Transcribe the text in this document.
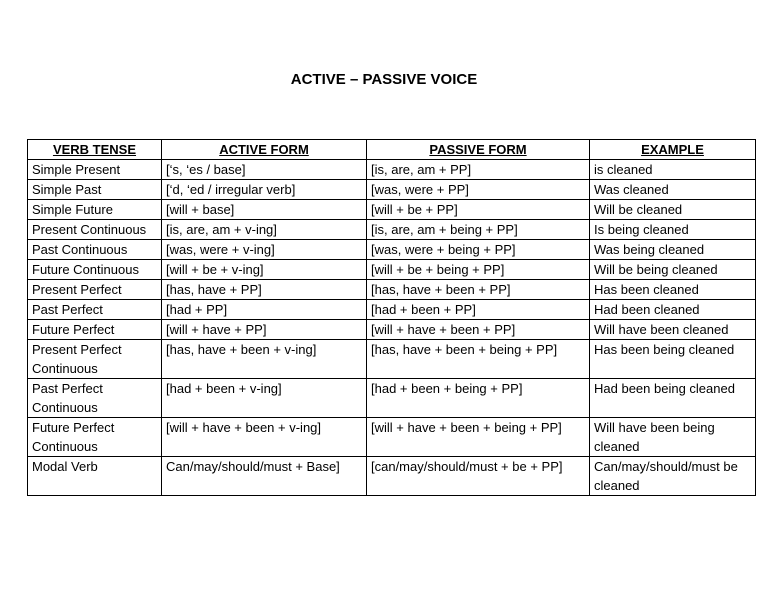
ACTIVE – PASSIVE VOICE
VERB TENSE	ACTIVE FORM	PASSIVE FORM	EXAMPLE
Simple Present	[‘s, ‘es / base]	[is, are, am + PP]	is cleaned
Simple Past	[‘d, ‘ed / irregular verb]	[was, were + PP]	Was cleaned
Simple Future	[will + base]	[will + be + PP]	Will be cleaned
Present Continuous	[is, are, am + v-ing]	[is, are, am + being + PP]	Is being cleaned
Past Continuous	[was, were + v-ing]	[was, were + being + PP]	Was being cleaned
Future Continuous	[will + be + v-ing]	[will + be + being + PP]	Will be being cleaned
Present Perfect	[has, have + PP]	[has, have + been + PP]	Has been cleaned
Past Perfect	[had + PP]	[had + been + PP]	Had been cleaned
Future Perfect	[will + have + PP]	[will + have + been + PP]	Will have been cleaned
Present Perfect Continuous	[has, have + been + v-ing]	[has, have + been + being + PP]	Has been being cleaned
Past Perfect Continuous	[had + been + v-ing]	[had + been + being + PP]	Had been being cleaned
Future Perfect Continuous	[will + have + been + v-ing]	[will + have + been + being + PP]	Will have been being cleaned
Modal Verb	Can/may/should/must + Base]	[can/may/should/must + be + PP]	Can/may/should/must be cleaned
